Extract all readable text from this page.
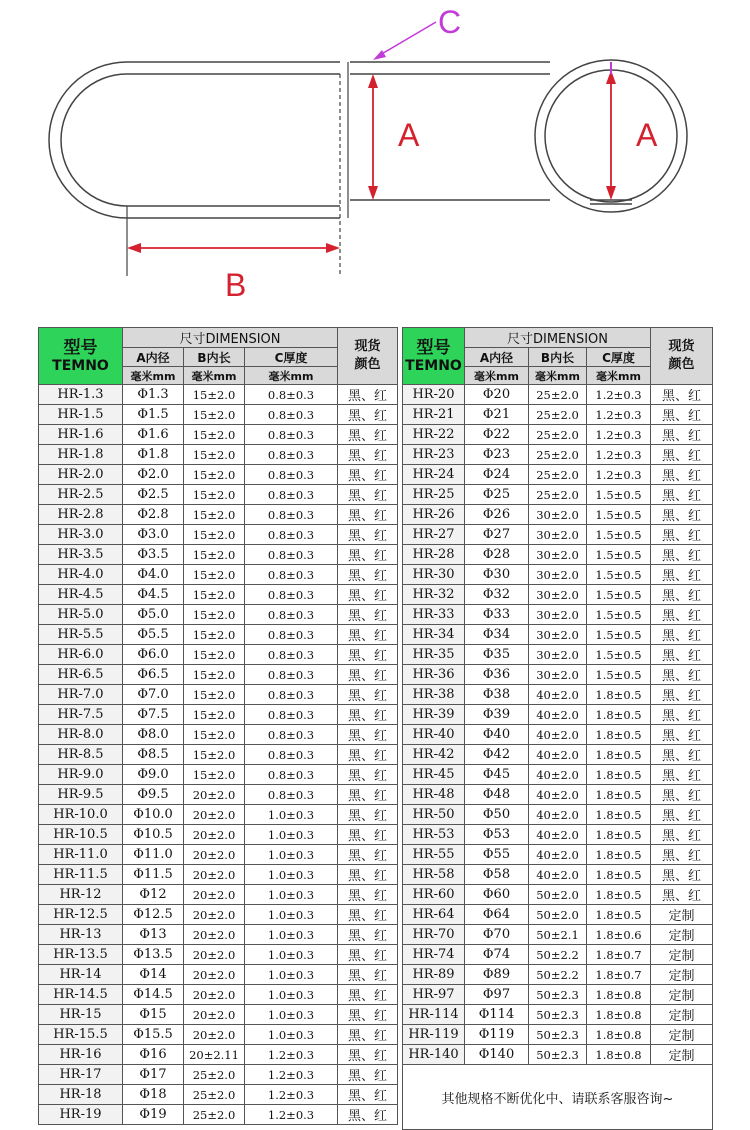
A	A
B
C
型号
TEMNO	尺寸DIMENSION			现货
颜色
	A内径	B内长	C厚度	
	毫米mm	毫米mm	毫米mm	
HR-1.3	Φ1.3	15±2.0	0.8±0.3	黑、红
HR-1.5	Φ1.5	15±2.0	0.8±0.3	黑、红
HR-1.6	Φ1.6	15±2.0	0.8±0.3	黑、红
HR-1.8	Φ1.8	15±2.0	0.8±0.3	黑、红
HR-2.0	Φ2.0	15±2.0	0.8±0.3	黑、红
HR-2.5	Φ2.5	15±2.0	0.8±0.3	黑、红
HR-2.8	Φ2.8	15±2.0	0.8±0.3	黑、红
HR-3.0	Φ3.0	15±2.0	0.8±0.3	黑、红
HR-3.5	Φ3.5	15±2.0	0.8±0.3	黑、红
HR-4.0	Φ4.0	15±2.0	0.8±0.3	黑、红
HR-4.5	Φ4.5	15±2.0	0.8±0.3	黑、红
HR-5.0	Φ5.0	15±2.0	0.8±0.3	黑、红
HR-5.5	Φ5.5	15±2.0	0.8±0.3	黑、红
HR-6.0	Φ6.0	15±2.0	0.8±0.3	黑、红
HR-6.5	Φ6.5	15±2.0	0.8±0.3	黑、红
HR-7.0	Φ7.0	15±2.0	0.8±0.3	黑、红
HR-7.5	Φ7.5	15±2.0	0.8±0.3	黑、红
HR-8.0	Φ8.0	15±2.0	0.8±0.3	黑、红
HR-8.5	Φ8.5	15±2.0	0.8±0.3	黑、红
HR-9.0	Φ9.0	15±2.0	0.8±0.3	黑、红
HR-9.5	Φ9.5	20±2.0	0.8±0.3	黑、红
HR-10.0	Φ10.0	20±2.0	1.0±0.3	黑、红
HR-10.5	Φ10.5	20±2.0	1.0±0.3	黑、红
HR-11.0	Φ11.0	20±2.0	1.0±0.3	黑、红
HR-11.5	Φ11.5	20±2.0	1.0±0.3	黑、红
HR-12	Φ12	20±2.0	1.0±0.3	黑、红
HR-12.5	Φ12.5	20±2.0	1.0±0.3	黑、红
HR-13	Φ13	20±2.0	1.0±0.3	黑、红
HR-13.5	Φ13.5	20±2.0	1.0±0.3	黑、红
HR-14	Φ14	20±2.0	1.0±0.3	黑、红
HR-14.5	Φ14.5	20±2.0	1.0±0.3	黑、红
HR-15	Φ15	20±2.0	1.0±0.3	黑、红
HR-15.5	Φ15.5	20±2.0	1.0±0.3	黑、红
HR-16	Φ16	20±2.11	1.2±0.3	黑、红
HR-17	Φ17	25±2.0	1.2±0.3	黑、红
HR-18	Φ18	25±2.0	1.2±0.3	黑、红
HR-19	Φ19	25±2.0	1.2±0.3	黑、红
型号
TEMNO	尺寸DIMENSION			现货
颜色
	A内径	B内长	C厚度	
	毫米mm	毫米mm	毫米mm	
HR-20	Φ20	25±2.0	1.2±0.3	黑、红
HR-21	Φ21	25±2.0	1.2±0.3	黑、红
HR-22	Φ22	25±2.0	1.2±0.3	黑、红
HR-23	Φ23	25±2.0	1.2±0.3	黑、红
HR-24	Φ24	25±2.0	1.2±0.3	黑、红
HR-25	Φ25	25±2.0	1.5±0.5	黑、红
HR-26	Φ26	30±2.0	1.5±0.5	黑、红
HR-27	Φ27	30±2.0	1.5±0.5	黑、红
HR-28	Φ28	30±2.0	1.5±0.5	黑、红
HR-30	Φ30	30±2.0	1.5±0.5	黑、红
HR-32	Φ32	30±2.0	1.5±0.5	黑、红
HR-33	Φ33	30±2.0	1.5±0.5	黑、红
HR-34	Φ34	30±2.0	1.5±0.5	黑、红
HR-35	Φ35	30±2.0	1.5±0.5	黑、红
HR-36	Φ36	30±2.0	1.5±0.5	黑、红
HR-38	Φ38	40±2.0	1.8±0.5	黑、红
HR-39	Φ39	40±2.0	1.8±0.5	黑、红
HR-40	Φ40	40±2.0	1.8±0.5	黑、红
HR-42	Φ42	40±2.0	1.8±0.5	黑、红
HR-45	Φ45	40±2.0	1.8±0.5	黑、红
HR-48	Φ48	40±2.0	1.8±0.5	黑、红
HR-50	Φ50	40±2.0	1.8±0.5	黑、红
HR-53	Φ53	40±2.0	1.8±0.5	黑、红
HR-55	Φ55	40±2.0	1.8±0.5	黑、红
HR-58	Φ58	40±2.0	1.8±0.5	黑、红
HR-60	Φ60	50±2.0	1.8±0.5	黑、红
HR-64	Φ64	50±2.0	1.8±0.5	定制
HR-70	Φ70	50±2.1	1.8±0.6	定制
HR-74	Φ74	50±2.2	1.8±0.7	定制
HR-89	Φ89	50±2.2	1.8±0.7	定制
HR-97	Φ97	50±2.3	1.8±0.8	定制
HR-114	Φ114	50±2.3	1.8±0.8	定制
HR-119	Φ119	50±2.3	1.8±0.8	定制
HR-140	Φ140	50±2.3	1.8±0.8	定制
其他规格不断优化中、请联系客服咨询~				
